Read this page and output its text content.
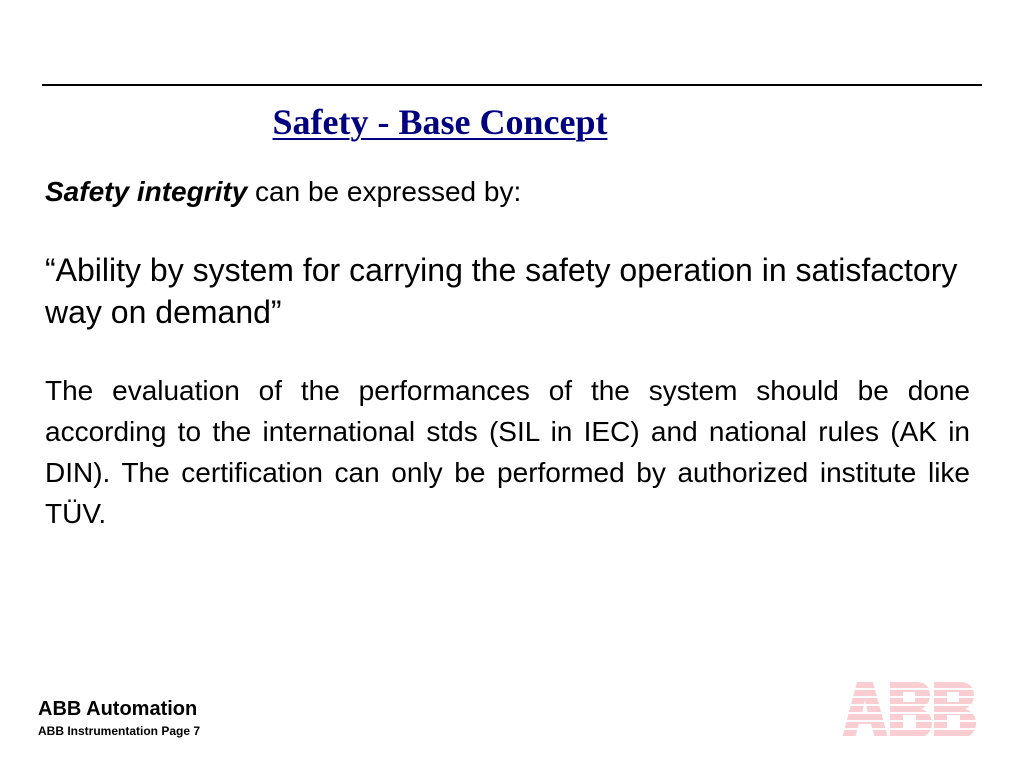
Safety - Base Concept
Safety integrity can be expressed by:
“Ability by system for carrying the safety operation in satisfactory way on demand”
The evaluation of the performances of the system should be done according to the international stds (SIL in IEC) and national rules (AK in DIN). The certification can only be performed by authorized institute like TÜV.
ABB Automation
ABB Instrumentation Page 7
ABB
